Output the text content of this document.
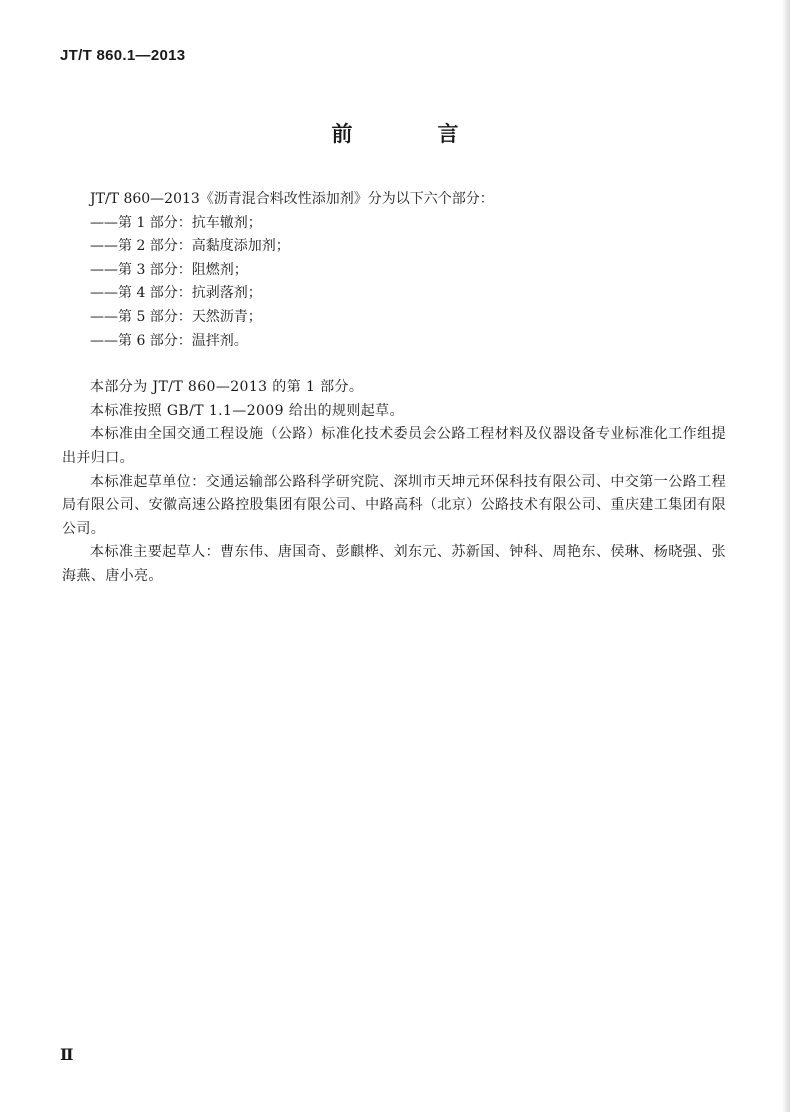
JT/T 860.1—2013
前　言

JT/T 860—2013《沥青混合料改性添加剂》分为以下六个部分：

——第 1 部分：抗车辙剂；

——第 2 部分：高黏度添加剂；

——第 3 部分：阻燃剂；

——第 4 部分：抗剥落剂；

——第 5 部分：天然沥青；

——第 6 部分：温拌剂。

本部分为 JT/T 860—2013 的第 1 部分。

本标准按照 GB/T 1.1—2009 给出的规则起草。

本标准由全国交通工程设施（公路）标准化技术委员会公路工程材料及仪器设备专业标准化工作组提出并归口。

本标准起草单位：交通运输部公路科学研究院、深圳市天坤元环保科技有限公司、中交第一公路工程局有限公司、安徽高速公路控股集团有限公司、中路高科（北京）公路技术有限公司、重庆建工集团有限公司。

本标准主要起草人：曹东伟、唐国奇、彭麒桦、刘东元、苏新国、钟科、周艳东、侯琳、杨晓强、张海燕、唐小亮。

Ⅱ
